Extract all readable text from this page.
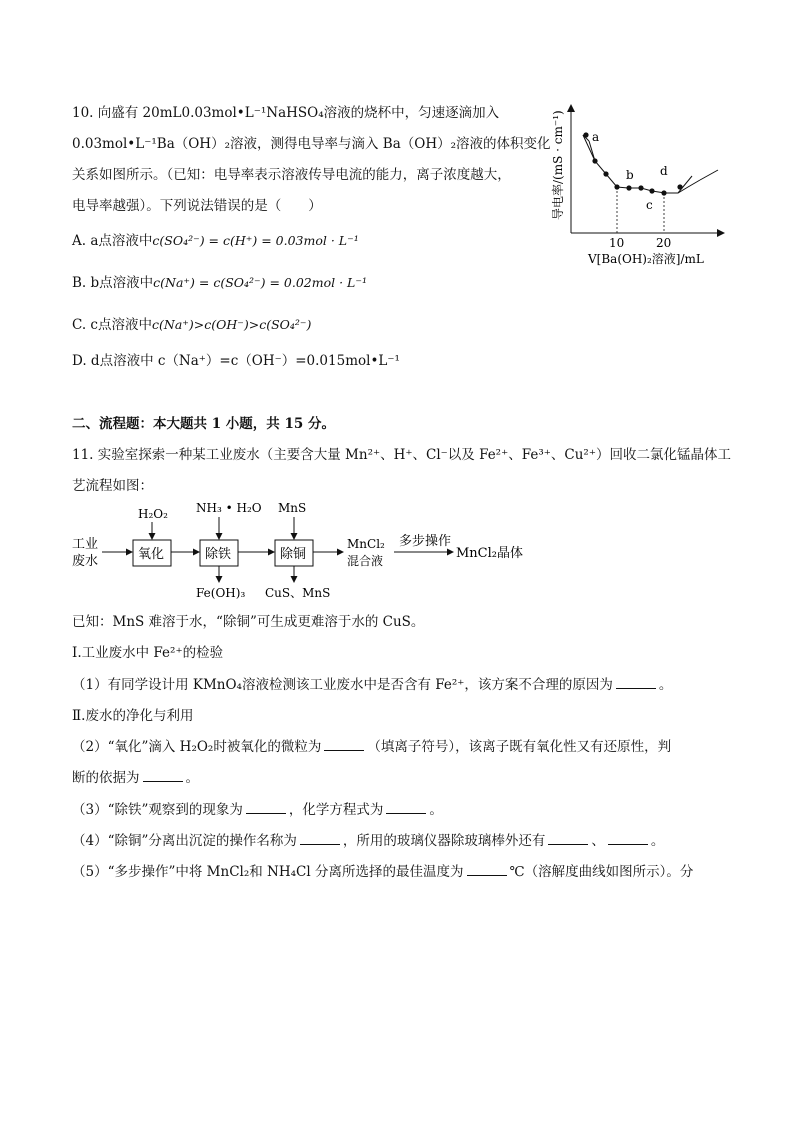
10. 向盛有 20mL0.03mol•L⁻¹NaHSO₄溶液的烧杯中，匀速逐滴加入
0.03mol•L⁻¹Ba（OH）₂溶液，测得电导率与滴入 Ba（OH）₂溶液的体积变化
关系如图所示。（已知：电导率表示溶液传导电流的能力，离子浓度越大，
电导率越强）。下列说法错误的是（　　）
A. a点溶液中c(SO₄²⁻) = c(H⁺) = 0.03mol · L⁻¹
B. b点溶液中c(Na⁺) = c(SO₄²⁻) = 0.02mol · L⁻¹
C. c点溶液中c(Na⁺)>c(OH⁻)>c(SO₄²⁻)
D. d点溶液中 c（Na⁺）=c（OH⁻）=0.015mol•L⁻¹
导电率/(mS · cm⁻¹) a
b
c
d
10	20
V[Ba(OH)₂溶液]/mL
二、流程题：本大题共 1 小题，共 15 分。
11. 实验室探索一种某工业废水（主要含大量 Mn²⁺、H⁺、Cl⁻以及 Fe²⁺、Fe³⁺、Cu²⁺）回收二氯化锰晶体工
艺流程如图：
工业
废水	氧化	除铁	除铜
H₂O₂ NH₃ • H₂O MnS
Fe(OH)₃ CuS、MnS
MnCl₂
混合液
多步操作
MnCl₂晶体
已知：MnS 难溶于水，“除铜”可生成更难溶于水的 CuS。
Ⅰ.工业废水中 Fe²⁺的检验
（1）有同学设计用 KMnO₄溶液检测该工业废水中是否含有 Fe²⁺，该方案不合理的原因为	。
Ⅱ.废水的净化与利用
（2）“氧化”滴入 H₂O₂时被氧化的微粒为	（填离子符号），该离子既有氧化性又有还原性，判
断的依据为	。
（3）“除铁”观察到的现象为	，化学方程式为	。
（4）“除铜”分离出沉淀的操作名称为	，所用的玻璃仪器除玻璃棒外还有	、	。
（5）“多步操作”中将 MnCl₂和 NH₄Cl 分离所选择的最佳温度为	℃（溶解度曲线如图所示）。分
